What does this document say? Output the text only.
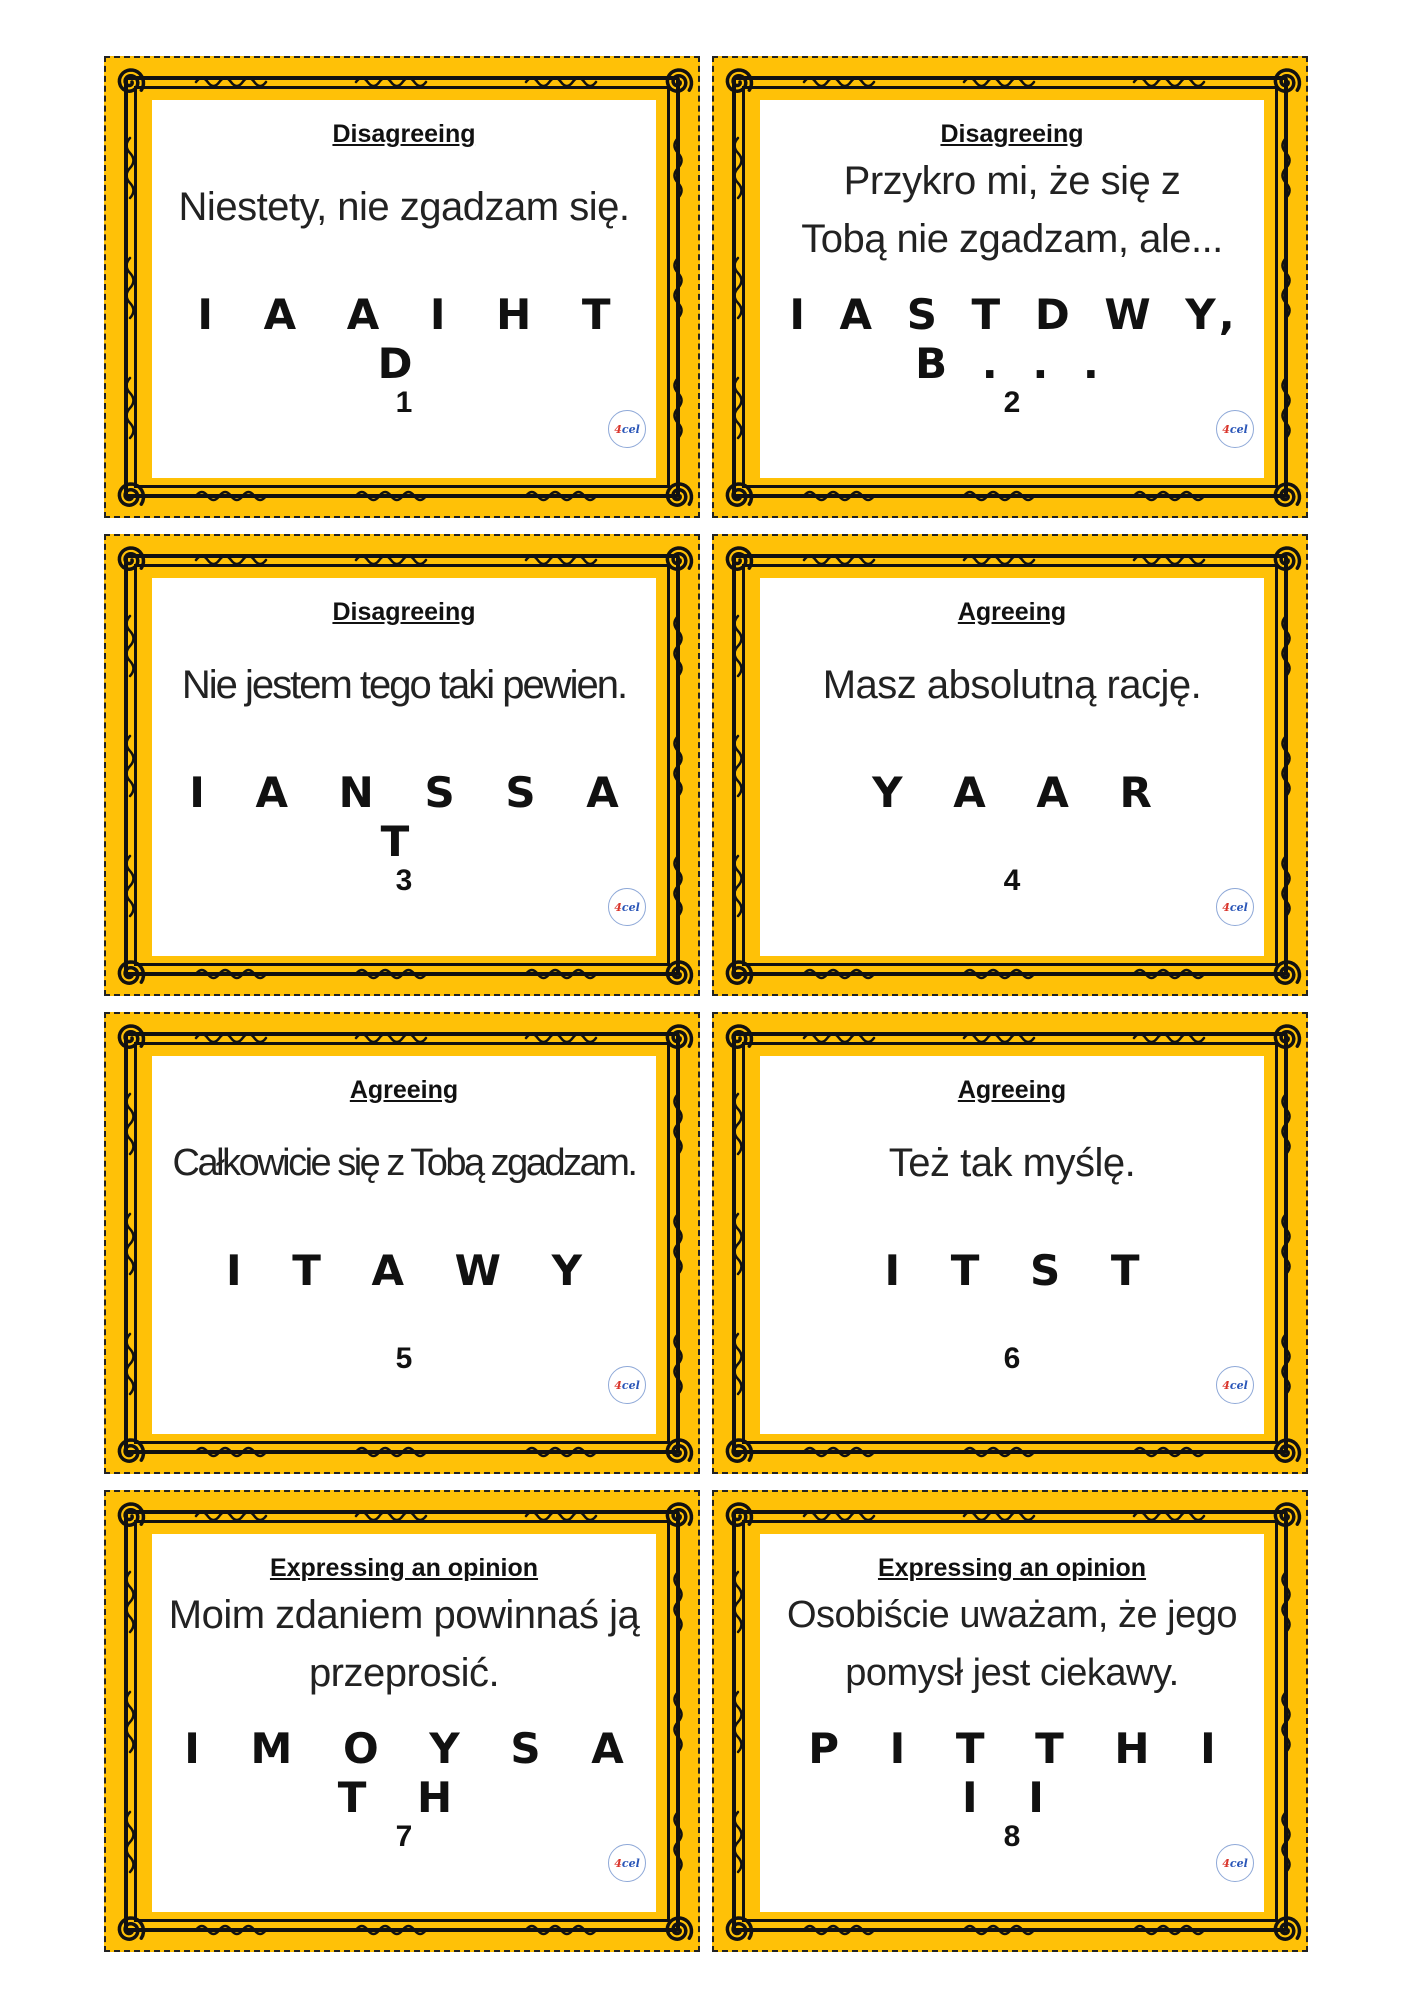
Disagreeing
Niestety, nie zgadzam się.
I A A I H T D
1
4 cel
Disagreeing
Przykro mi, że się z Tobą nie zgadzam, ale...
I A S T D W Y, B . . .
2
4 cel
Disagreeing
Nie jestem tego taki pewien.
I A N S S A T
3
4 cel
Agreeing
Masz absolutną rację.
Y A A R
4
4 cel
Agreeing
Całkowicie się z Tobą zgadzam.
I T A W Y
5
4 cel
Agreeing
Też tak myślę.
I T S T
6
4 cel
Expressing an opinion
Moim zdaniem powinnaś ją przeprosić.
I M O Y S A T H
7
4 cel
Expressing an opinion
Osobiście uważam, że jego pomysł jest ciekawy.
P I T T H I I I
8
4 cel
